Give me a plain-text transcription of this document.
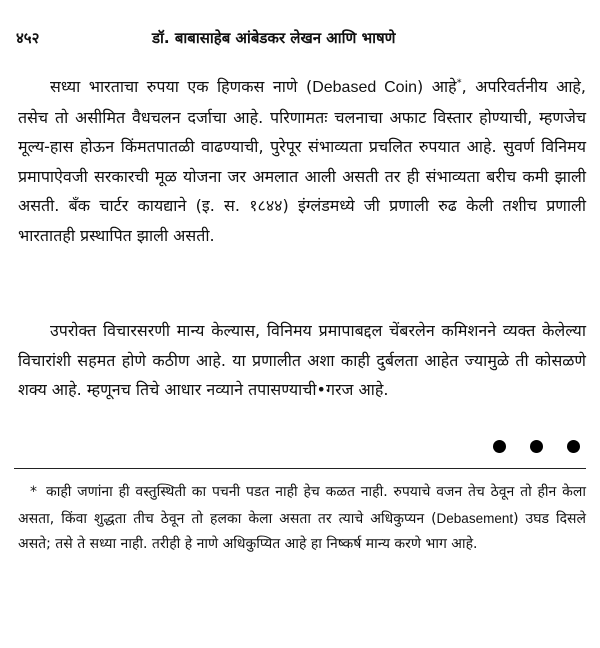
४५२	डॉ. बाबासाहेब आंबेडकर लेखन आणि भाषणे

सध्या भारताचा रुपया एक हिणकस नाणे (Debased Coin) आहे*, अपरिवर्तनीय आहे, तसेच तो असीमित वैधचलन दर्जाचा आहे. परिणामतः चलनाचा अफाट विस्तार होण्याची, म्हणजेच मूल्य-हास होऊन किंमतपातळी वाढण्याची, पुरेपूर संभाव्यता प्रचलित रुपयात आहे. सुवर्ण विनिमय प्रमापाऐवजी सरकारची मूळ योजना जर अमलात आली असती तर ही संभाव्यता बरीच कमी झाली असती. बँक चार्टर कायद्याने (इ. स. १८४४) इंग्लंडमध्ये जी प्रणाली रुढ केली तशीच प्रणाली भारतातही प्रस्थापित झाली असती.

उपरोक्त विचारसरणी मान्य केल्यास, विनिमय प्रमापाबद्दल चेंबरलेन कमिशनने व्यक्त केलेल्या विचारांशी सहमत होणे कठीण आहे. या प्रणालीत अशा काही दुर्बलता आहेत ज्यामुळे ती कोसळणे शक्य आहे. म्हणूनच तिचे आधार नव्याने तपासण्याची•गरज आहे.

* काही जणांना ही वस्तुस्थिती का पचनी पडत नाही हेच कळत नाही. रुपयाचे वजन तेच ठेवून तो हीन केला असता, किंवा शुद्धता तीच ठेवून तो हलका केला असता तर त्याचे अधिकुप्यन (Debasement) उघड दिसले असते; तसे ते सध्या नाही. तरीही हे नाणे अधिकुप्यित आहे हा निष्कर्ष मान्य करणे भाग आहे.
